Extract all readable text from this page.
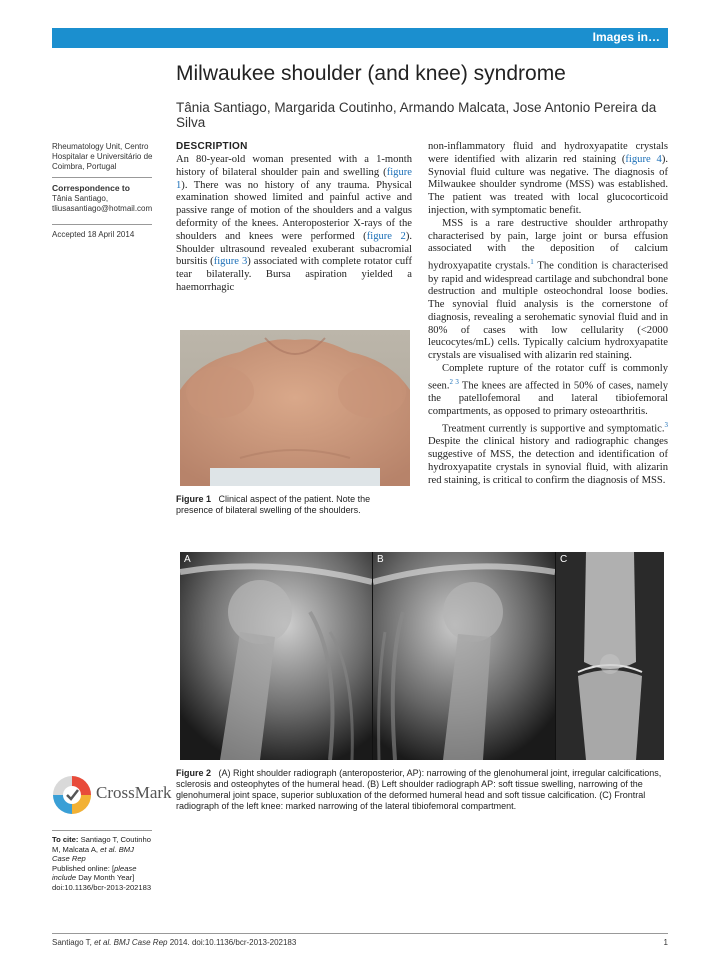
Images in…
Milwaukee shoulder (and knee) syndrome
Tânia Santiago, Margarida Coutinho, Armando Malcata, Jose Antonio Pereira da Silva
Rheumatology Unit, Centro Hospitalar e Universitário de Coimbra, Portugal
Correspondence to
Tânia Santiago,
tliusasantiago@hotmail.com
Accepted 18 April 2014
DESCRIPTION

An 80-year-old woman presented with a 1-month history of bilateral shoulder pain and swelling (figure 1). There was no history of any trauma. Physical examination showed limited and painful active and passive range of motion of the shoulders and a valgus deformity of the knees. Anteroposterior X-rays of the shoulders and knees were performed (figure 2). Shoulder ultrasound revealed exuberant subacromial bursitis (figure 3) associated with complete rotator cuff tear bilaterally. Bursa aspiration yielded a haemorrhagic

non-inflammatory fluid and hydroxyapatite crystals were identified with alizarin red staining (figure 4). Synovial fluid culture was negative. The diagnosis of Milwaukee shoulder syndrome (MSS) was established. The patient was treated with local glucocorticoid injection, with symptomatic benefit.

MSS is a rare destructive shoulder arthropathy characterised by pain, large joint or bursa effusion associated with the deposition of calcium hydroxyapatite crystals.$^1$ The condition is characterised by rapid and widespread cartilage and subchondral bone destruction and multiple osteochondral loose bodies. The synovial fluid analysis is the cornerstone of diagnosis, revealing a serohematic synovial fluid and in 80% of cases with low cellularity (<2000 leucocytes/mL) cells. Typically calcium hydroxyapatite crystals are visualised with alizarin red staining.

Complete rupture of the rotator cuff is commonly seen.$^{2 3}$ The knees are affected in 50% of cases, namely the patellofemoral and lateral tibiofemoral compartments, as opposed to primary osteoarthritis.

Treatment currently is supportive and symptomatic.$^3$ Despite the clinical history and radiographic changes suggestive of MSS, the detection and identification of hydroxyapatite crystals in synovial fluid, with alizarin red staining, is critical to confirm the diagnosis of MSS.

Figure 1 Clinical aspect of the patient. Note the presence of bilateral swelling of the shoulders.
A	B	C
Figure 2 (A) Right shoulder radiograph (anteroposterior, AP): narrowing of the glenohumeral joint, irregular calcifications, sclerosis and osteophytes of the humeral head. (B) Left shoulder radiograph AP: soft tissue swelling, narrowing of the glenohumeral joint space, superior subluxation of the deformed humeral head and soft tissue calcification. (C) Frontral radiograph of the left knee: marked narrowing of the lateral tibiofemoral compartment.
CrossMark
To cite: Santiago T, Coutinho M, Malcata A, et al. BMJ Case Rep
Published online: [please include Day Month Year]
doi:10.1136/bcr-2013-202183
Santiago T, et al. BMJ Case Rep 2014. doi:10.1136/bcr-2013-202183	1
